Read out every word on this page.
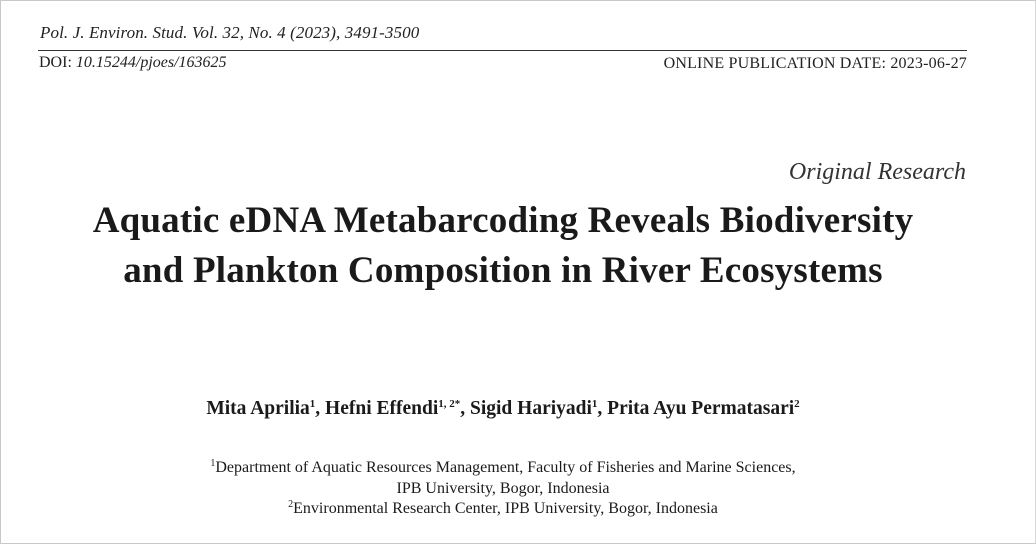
Pol. J. Environ. Stud. Vol. 32, No. 4 (2023), 3491-3500
DOI: 10.15244/pjoes/163625	ONLINE PUBLICATION DATE: 2023-06-27
Original Research
Aquatic eDNA Metabarcoding Reveals Biodiversity
and Plankton Composition in River Ecosystems
Mita Aprilia$^1$, Hefni Effendi$^{1, 2*}$, Sigid Hariyadi$^1$, Prita Ayu Permatasari$^2$
$^1$Department of Aquatic Resources Management, Faculty of Fisheries and Marine Sciences,
IPB University, Bogor, Indonesia
$^2$Environmental Research Center, IPB University, Bogor, Indonesia
